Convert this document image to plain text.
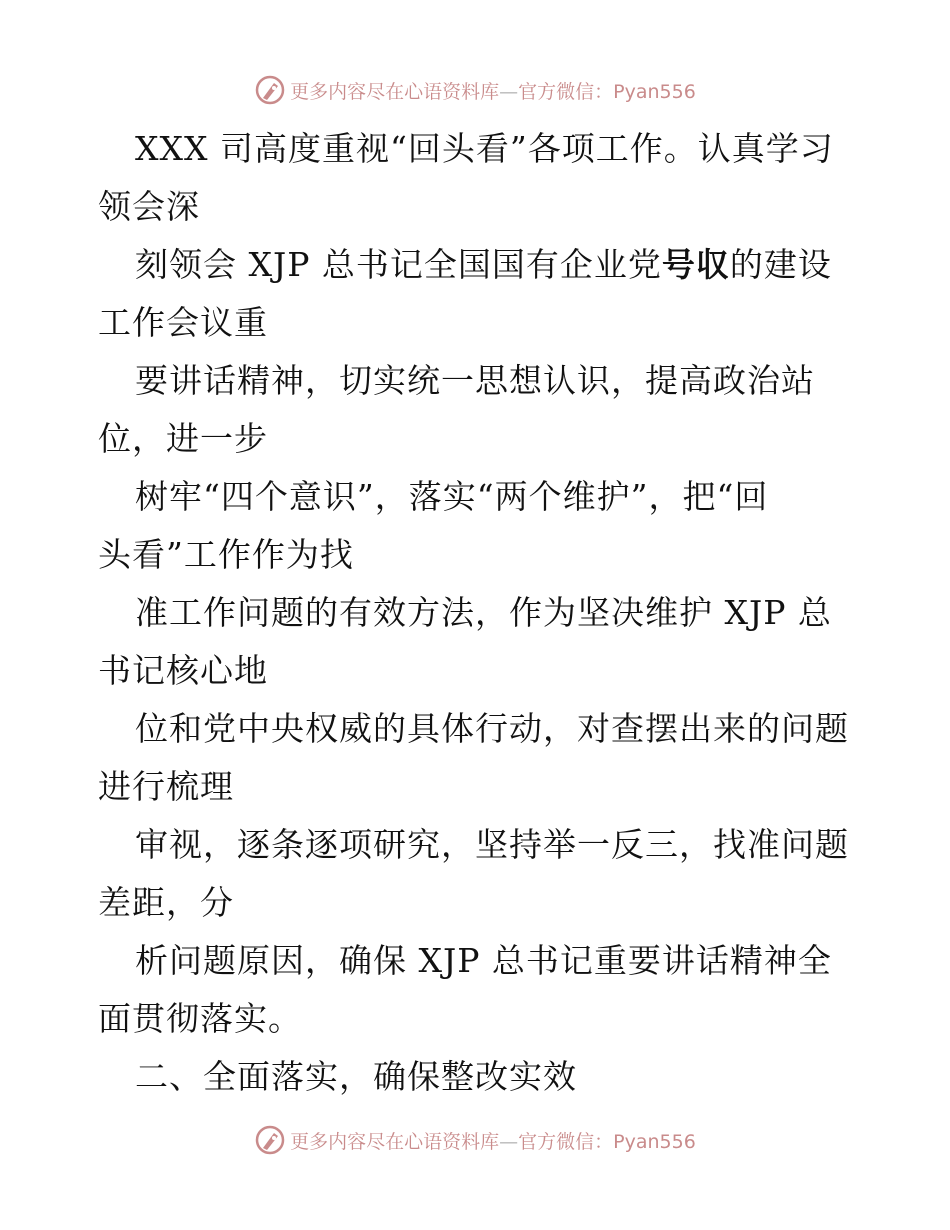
更多内容尽在心语资料库—官方微信：Pyan556
XXX 司高度重视“回头看”各项工作。认真学习
领会深
刻领会 XJP 总书记全国国有企业党号収的建设
工作会议重
要讲话精神，切实统一思想认识，提高政治站
位，进一步
树牢“四个意识”，落实“两个维护”，把“回
头看”工作作为找
准工作问题的有效方法，作为坚决维护 XJP 总
书记核心地
位和党中央权威的具体行动，对查摆出来的问题
进行梳理
审视，逐条逐项研究，坚持举一反三，找准问题
差距，分
析问题原因，确保 XJP 总书记重要讲话精神全
面贯彻落实。
二、全面落实，确保整改实效
更多内容尽在心语资料库—官方微信：Pyan556
